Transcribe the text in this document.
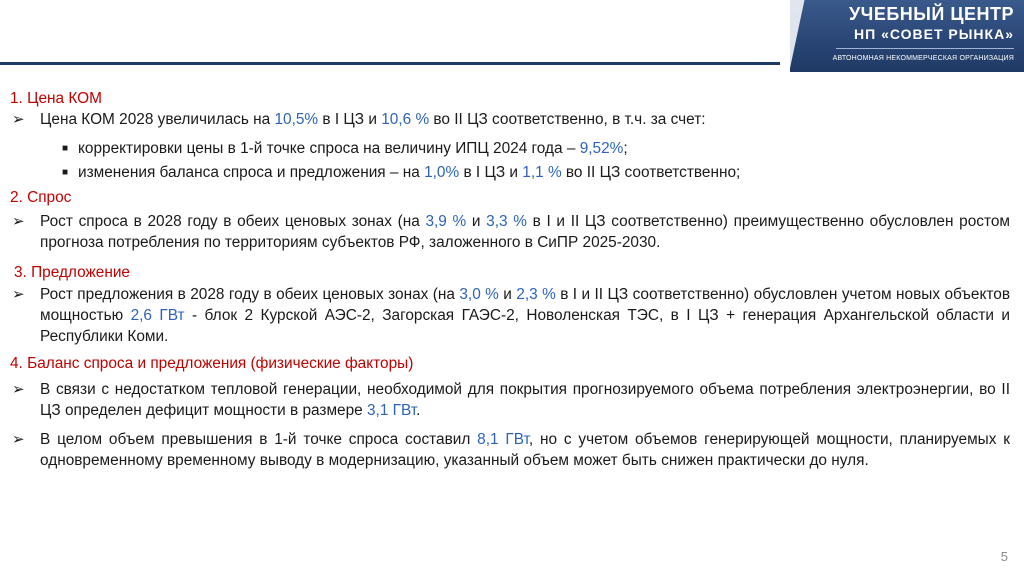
УЧЕБНЫЙ ЦЕНТР
НП «СОВЕТ РЫНКА»
АВТОНОМНАЯ НЕКОММЕРЧЕСКАЯ ОРГАНИЗАЦИЯ
1. Цена КОМ
➢	Цена КОМ 2028 увеличилась на 10,5% в I ЦЗ и 10,6 % во II ЦЗ соответственно, в т.ч. за счет:
■ корректировки цены в 1-й точке спроса на величину ИПЦ 2024 года – 9,52%;
■ изменения баланса спроса и предложения – на 1,0% в I ЦЗ и 1,1 % во II ЦЗ соответственно;
2. Спрос
➢	Рост спроса в 2028 году в обеих ценовых зонах (на 3,9 % и 3,3 % в I и II ЦЗ соответственно) преимущественно обусловлен ростом прогноза потребления по территориям субъектов РФ, заложенного в СиПР 2025-2030.
3. Предложение
➢	Рост предложения в 2028 году в обеих ценовых зонах (на 3,0 % и 2,3 % в I и II ЦЗ соответственно) обусловлен учетом новых объектов мощностью 2,6 ГВт - блок 2 Курской АЭС-2, Загорская ГАЭС-2, Новоленская ТЭС, в I ЦЗ + генерация Архангельской области и Республики Коми.
4. Баланс спроса и предложения (физические факторы)
➢	В связи с недостатком тепловой генерации, необходимой для покрытия прогнозируемого объема потребления электроэнергии, во II ЦЗ определен дефицит мощности в размере 3,1 ГВт.
➢	В целом объем превышения в 1-й точке спроса составил 8,1 ГВт, но с учетом объемов генерирующей мощности, планируемых к одновременному временному выводу в модернизацию, указанный объем может быть снижен практически до нуля.
5
